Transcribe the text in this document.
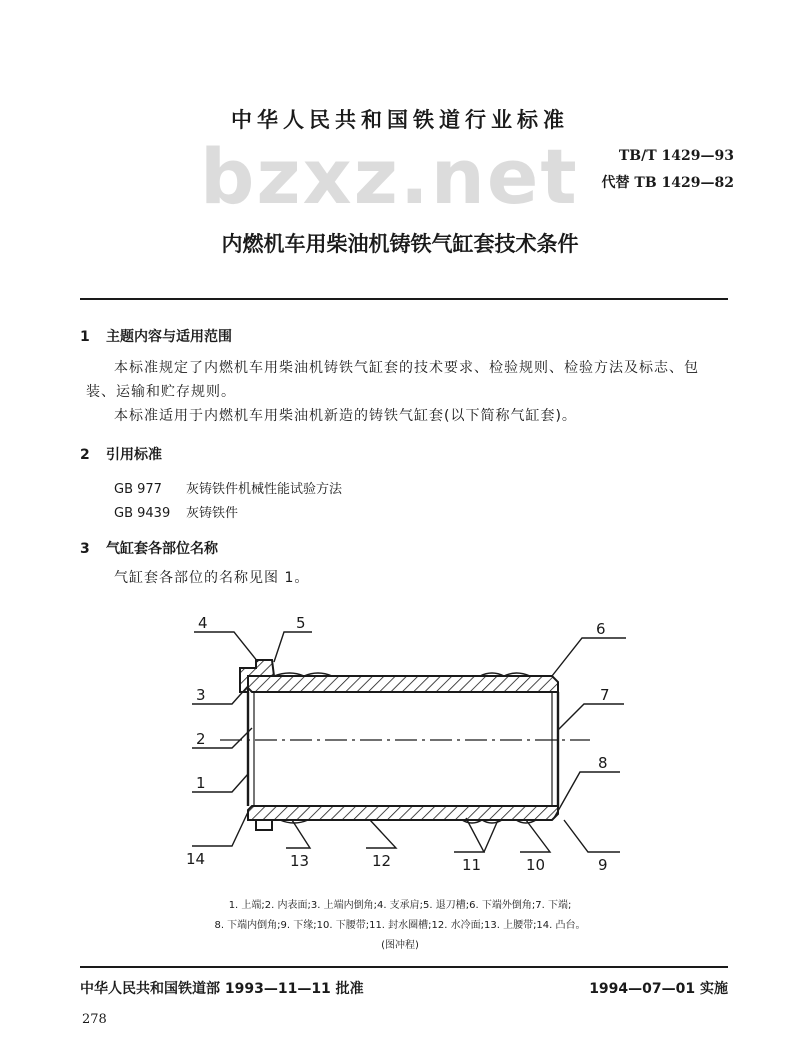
中华人民共和国铁道行业标准
bzxz.net	TB/T 1429—93
代替 TB 1429—82
内燃机车用柴油机铸铁气缸套技术条件
1 主题内容与适用范围
本标准规定了内燃机车用柴油机铸铁气缸套的技术要求、检验规则、检验方法及标志、包装、运输和贮存规则。
本标准适用于内燃机车用柴油机新造的铸铁气缸套(以下简称气缸套)。
2 引用标准
GB 977 灰铸铁件机械性能试验方法
GB 9439 灰铸铁件
3 气缸套各部位名称
气缸套各部位的名称见图 1。
4	5	6
3	7
2
8
1
14	13	12	11	10	9
1. 上端;2. 内表面;3. 上端内倒角;4. 支承肩;5. 退刀槽;6. 下端外倒角;7. 下端;
8. 下端内倒角;9. 下缘;10. 下腰带;11. 封水圈槽;12. 水冷面;13. 上腰带;14. 凸台。
(图冲程)
中华人民共和国铁道部 1993—11—11 批准	1994—07—01 实施
278
